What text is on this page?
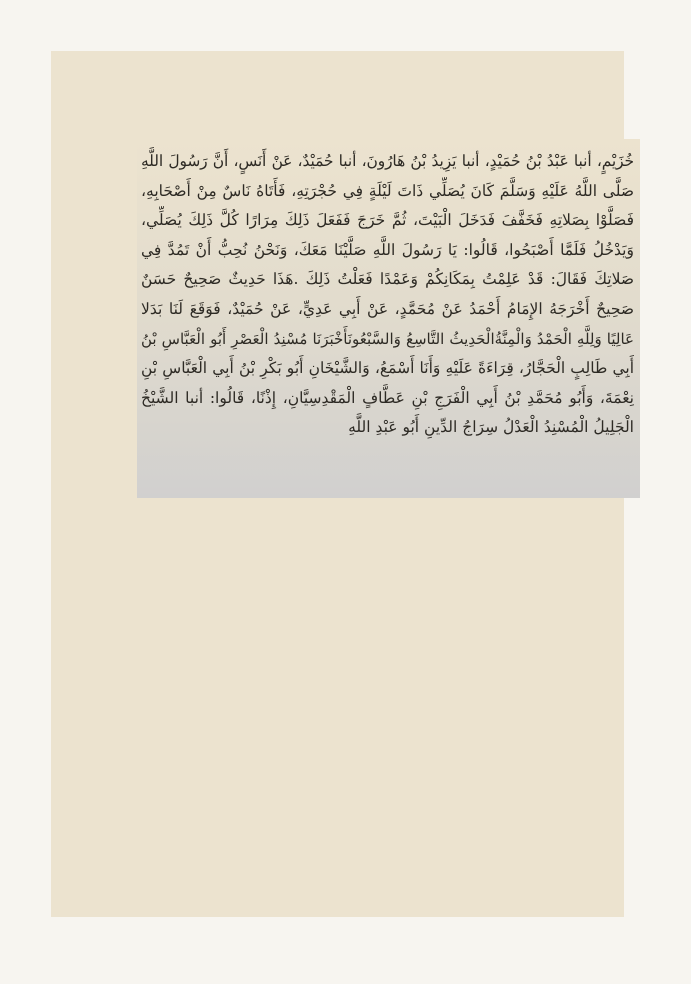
خُزَيْمٍ، أنبا عَبْدُ بْنُ حُمَيْدٍ، أنبا يَزِيدُ بْنُ هَارُونَ، أنبا حُمَيْدٌ، عَنْ أَنَسٍ، أَنَّ رَسُولَ اللَّهِ
صَلَّى اللَّهُ عَلَيْهِ وَسَلَّمَ كَانَ يُصَلِّي ذَاتَ لَيْلَةٍ فِي حُجْرَتِهِ، فَأَتَاهُ نَاسٌ مِنْ أَصْحَابِهِ،
فَصَلَّوْا بِصَلاتِهِ فَخَفَّفَ فَدَخَلَ الْبَيْتَ، ثُمَّ خَرَجَ فَفَعَلَ ذَلِكَ مِرَارًا كُلَّ ذَلِكَ يُصَلِّي،
وَيَدْخُلُ فَلَمَّا أَصْبَحُوا، قَالُوا: يَا رَسُولَ اللَّهِ صَلَّيْنَا مَعَكَ، وَنَحْنُ نُحِبُّ أَنْ تَمُدَّ فِي
صَلاتِكَ فَقَالَ: قَدْ عَلِمْتُ بِمَكَانِكُمْ وَعَمْدًا فَعَلْتُ ذَلِكَ .هَذَا حَدِيثٌ صَحِيحٌ حَسَنٌ
صَحِيحٌ أَخْرَجَهُ الإِمَامُ أَحْمَدُ عَنْ مُحَمَّدٍ، عَنْ أَبِي عَدِيٍّ، عَنْ حُمَيْدٌ، فَوَقَعَ لَنَا بَدَلا
عَالِيًا وَلِلَّهِ الْحَمْدُ وَالْمِنَّةُالْحَدِيثُ التَّاسِعُ وَالسَّبْعُونَأَخْبَرَنَا مُسْنِدُ الْعَصْرِ أَبُو الْعَبَّاسِ بْنُ
أَبِي طَالِبٍ الْحَجَّارُ، قِرَاءَةً عَلَيْهِ وَأَنَا أَسْمَعُ، وَالشَّيْخَانِ أَبُو بَكْرِ بْنُ أَبِي الْعَبَّاسِ بْنِ
نِعْمَةَ، وَأَبُو مُحَمَّدِ بْنُ أَبِي الْفَرَجِ بْنِ عَطَّافٍ الْمَقْدِسِيَّانِ، إِذْنًا، قَالُوا: أنبا الشَّيْخُ
الْجَلِيلُ الْمُسْنِدُ الْعَدْلُ سِرَاجُ الدِّينِ أَبُو عَبْدِ اللَّهِ
